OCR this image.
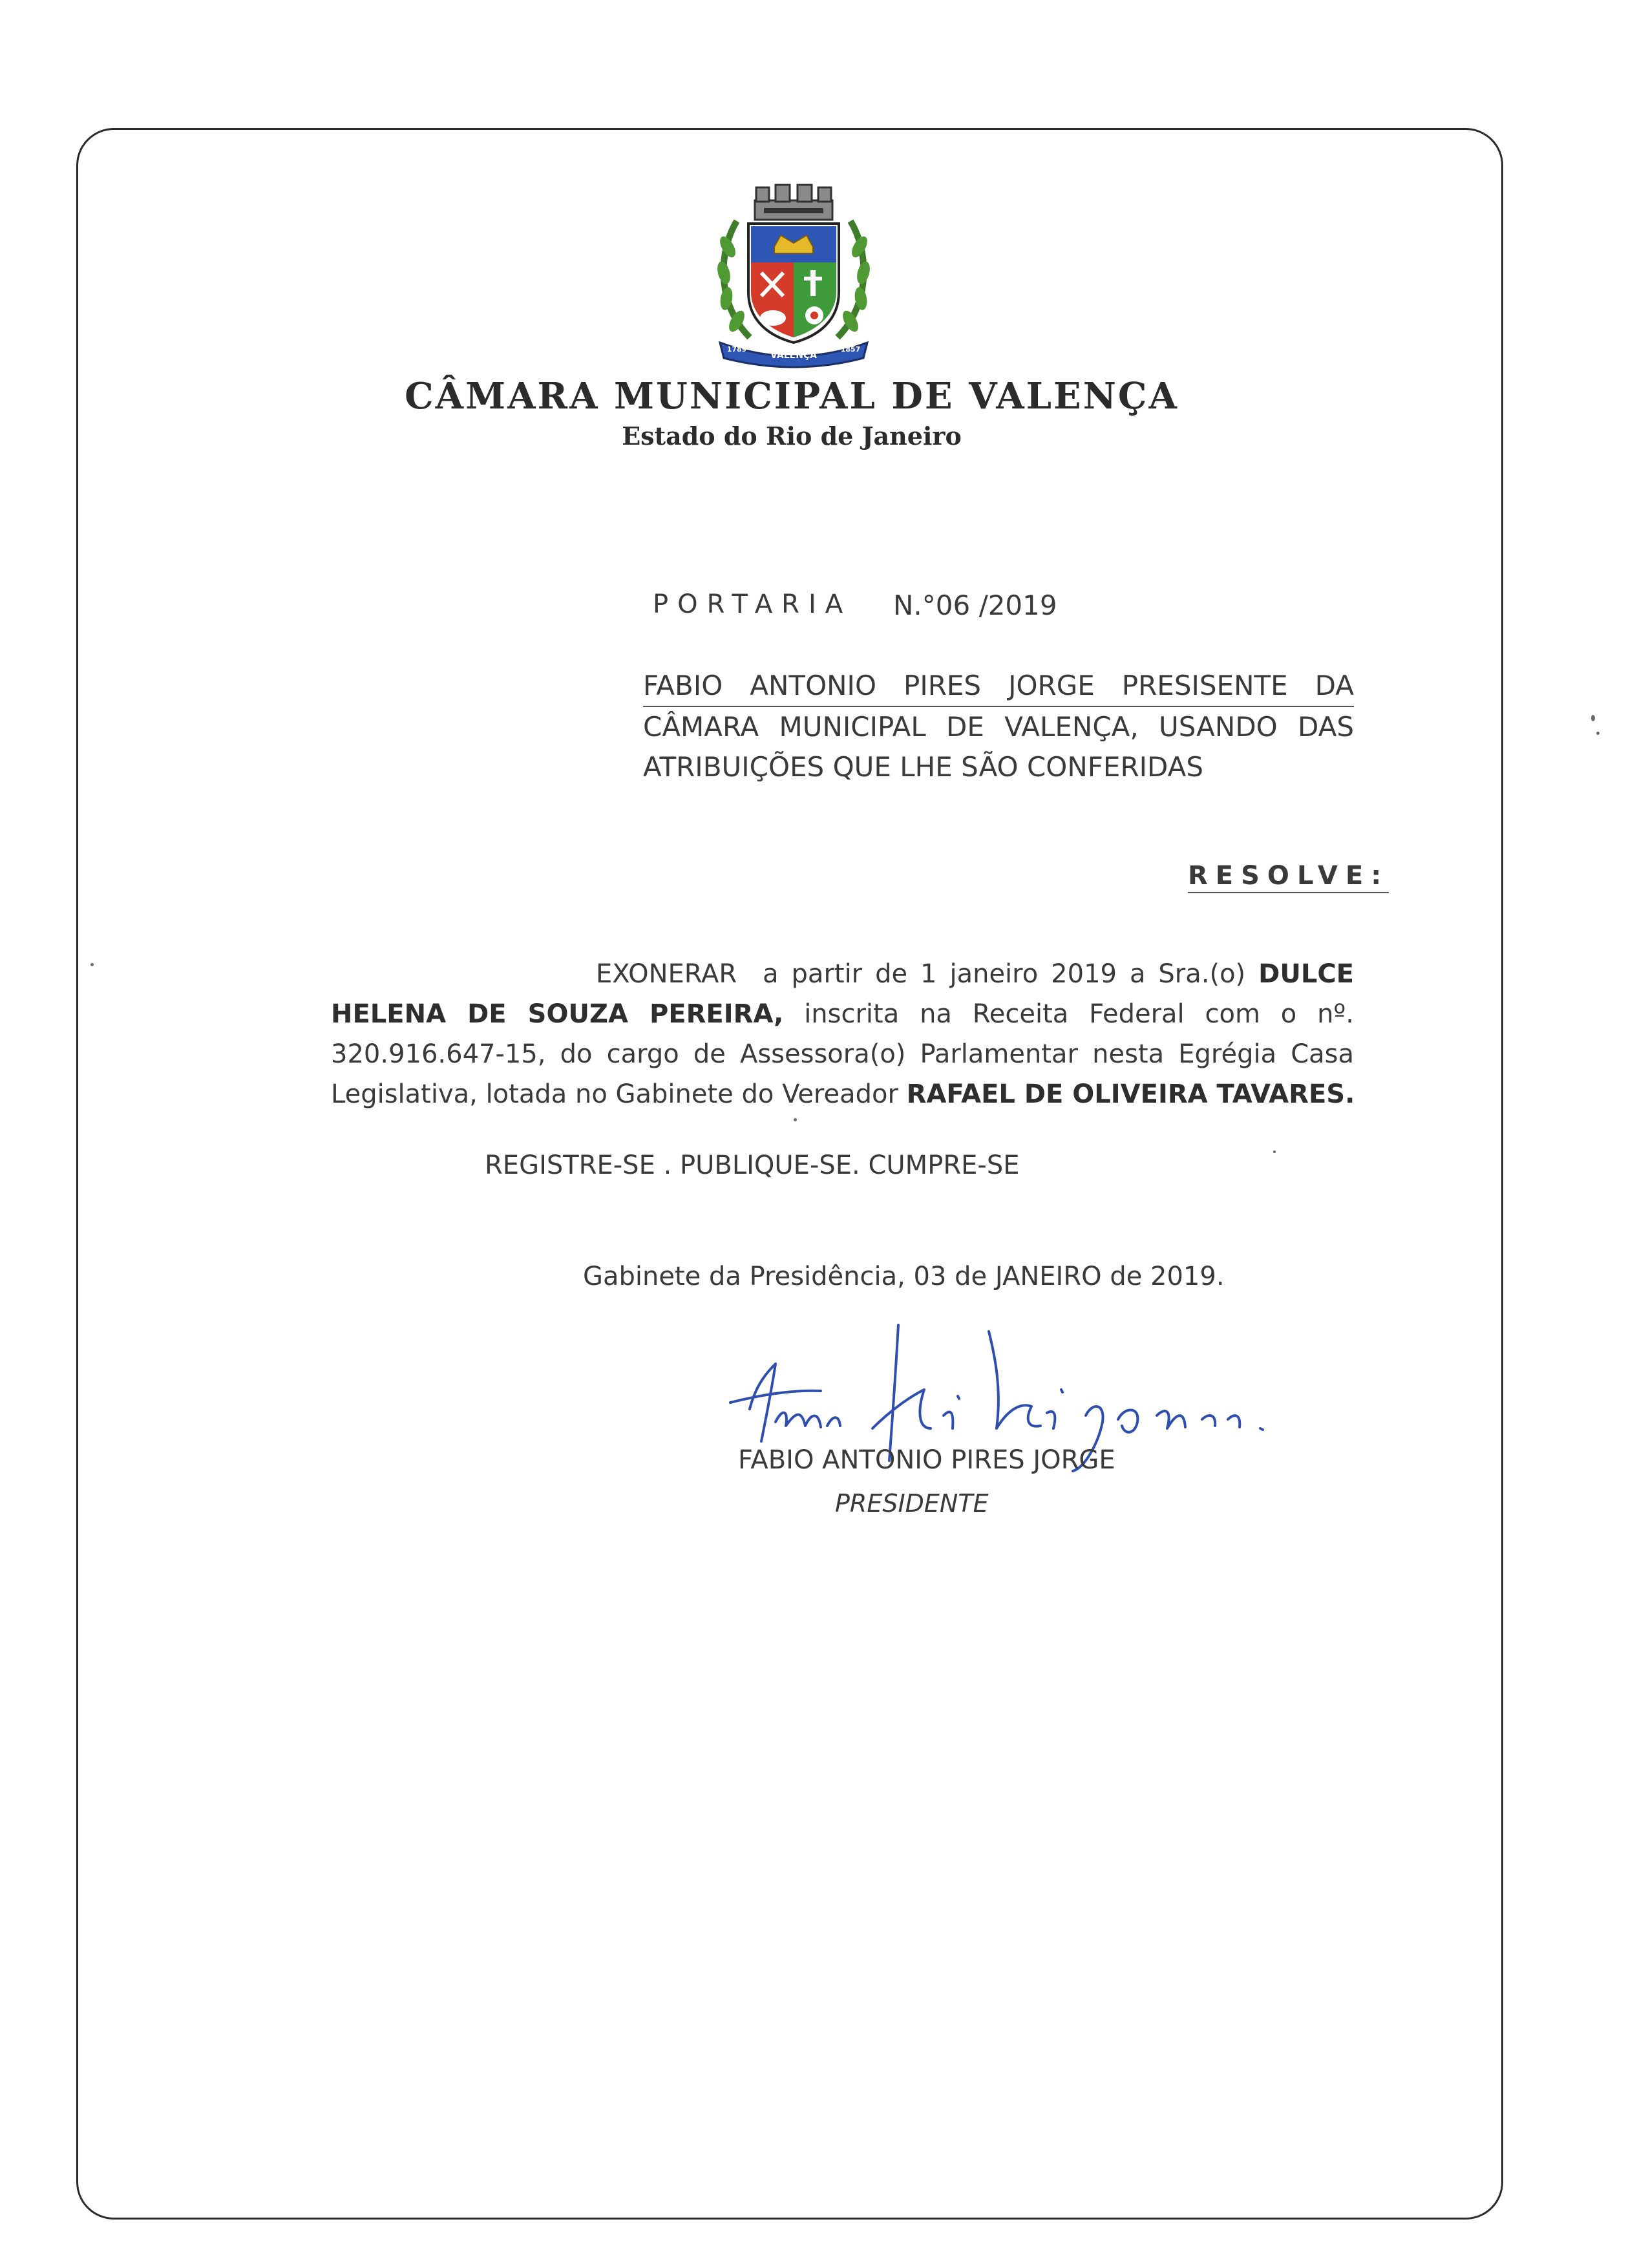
VALENÇA
1789	1857
CÂMARA MUNICIPAL DE VALENÇA
Estado do Rio de Janeiro
PORTARIA N.°06 /2019
FABIO ANTONIO PIRES JORGE PRESISENTE DA
CÂMARA MUNICIPAL DE VALENÇA, USANDO DAS
ATRIBUIÇÕES QUE LHE SÃO CONFERIDAS
RESOLVE:
EXONERAR a partir de 1 janeiro 2019 a Sra.(o) DULCE
HELENA DE SOUZA PEREIRA, inscrita na Receita Federal com o nº.
320.916.647-15, do cargo de Assessora(o) Parlamentar nesta Egrégia Casa
Legislativa, lotada no Gabinete do Vereador RAFAEL DE OLIVEIRA TAVARES.
REGISTRE-SE . PUBLIQUE-SE. CUMPRE-SE
Gabinete da Presidência, 03 de JANEIRO de 2019.
FABIO ANTONIO PIRES JORGE
PRESIDENTE
